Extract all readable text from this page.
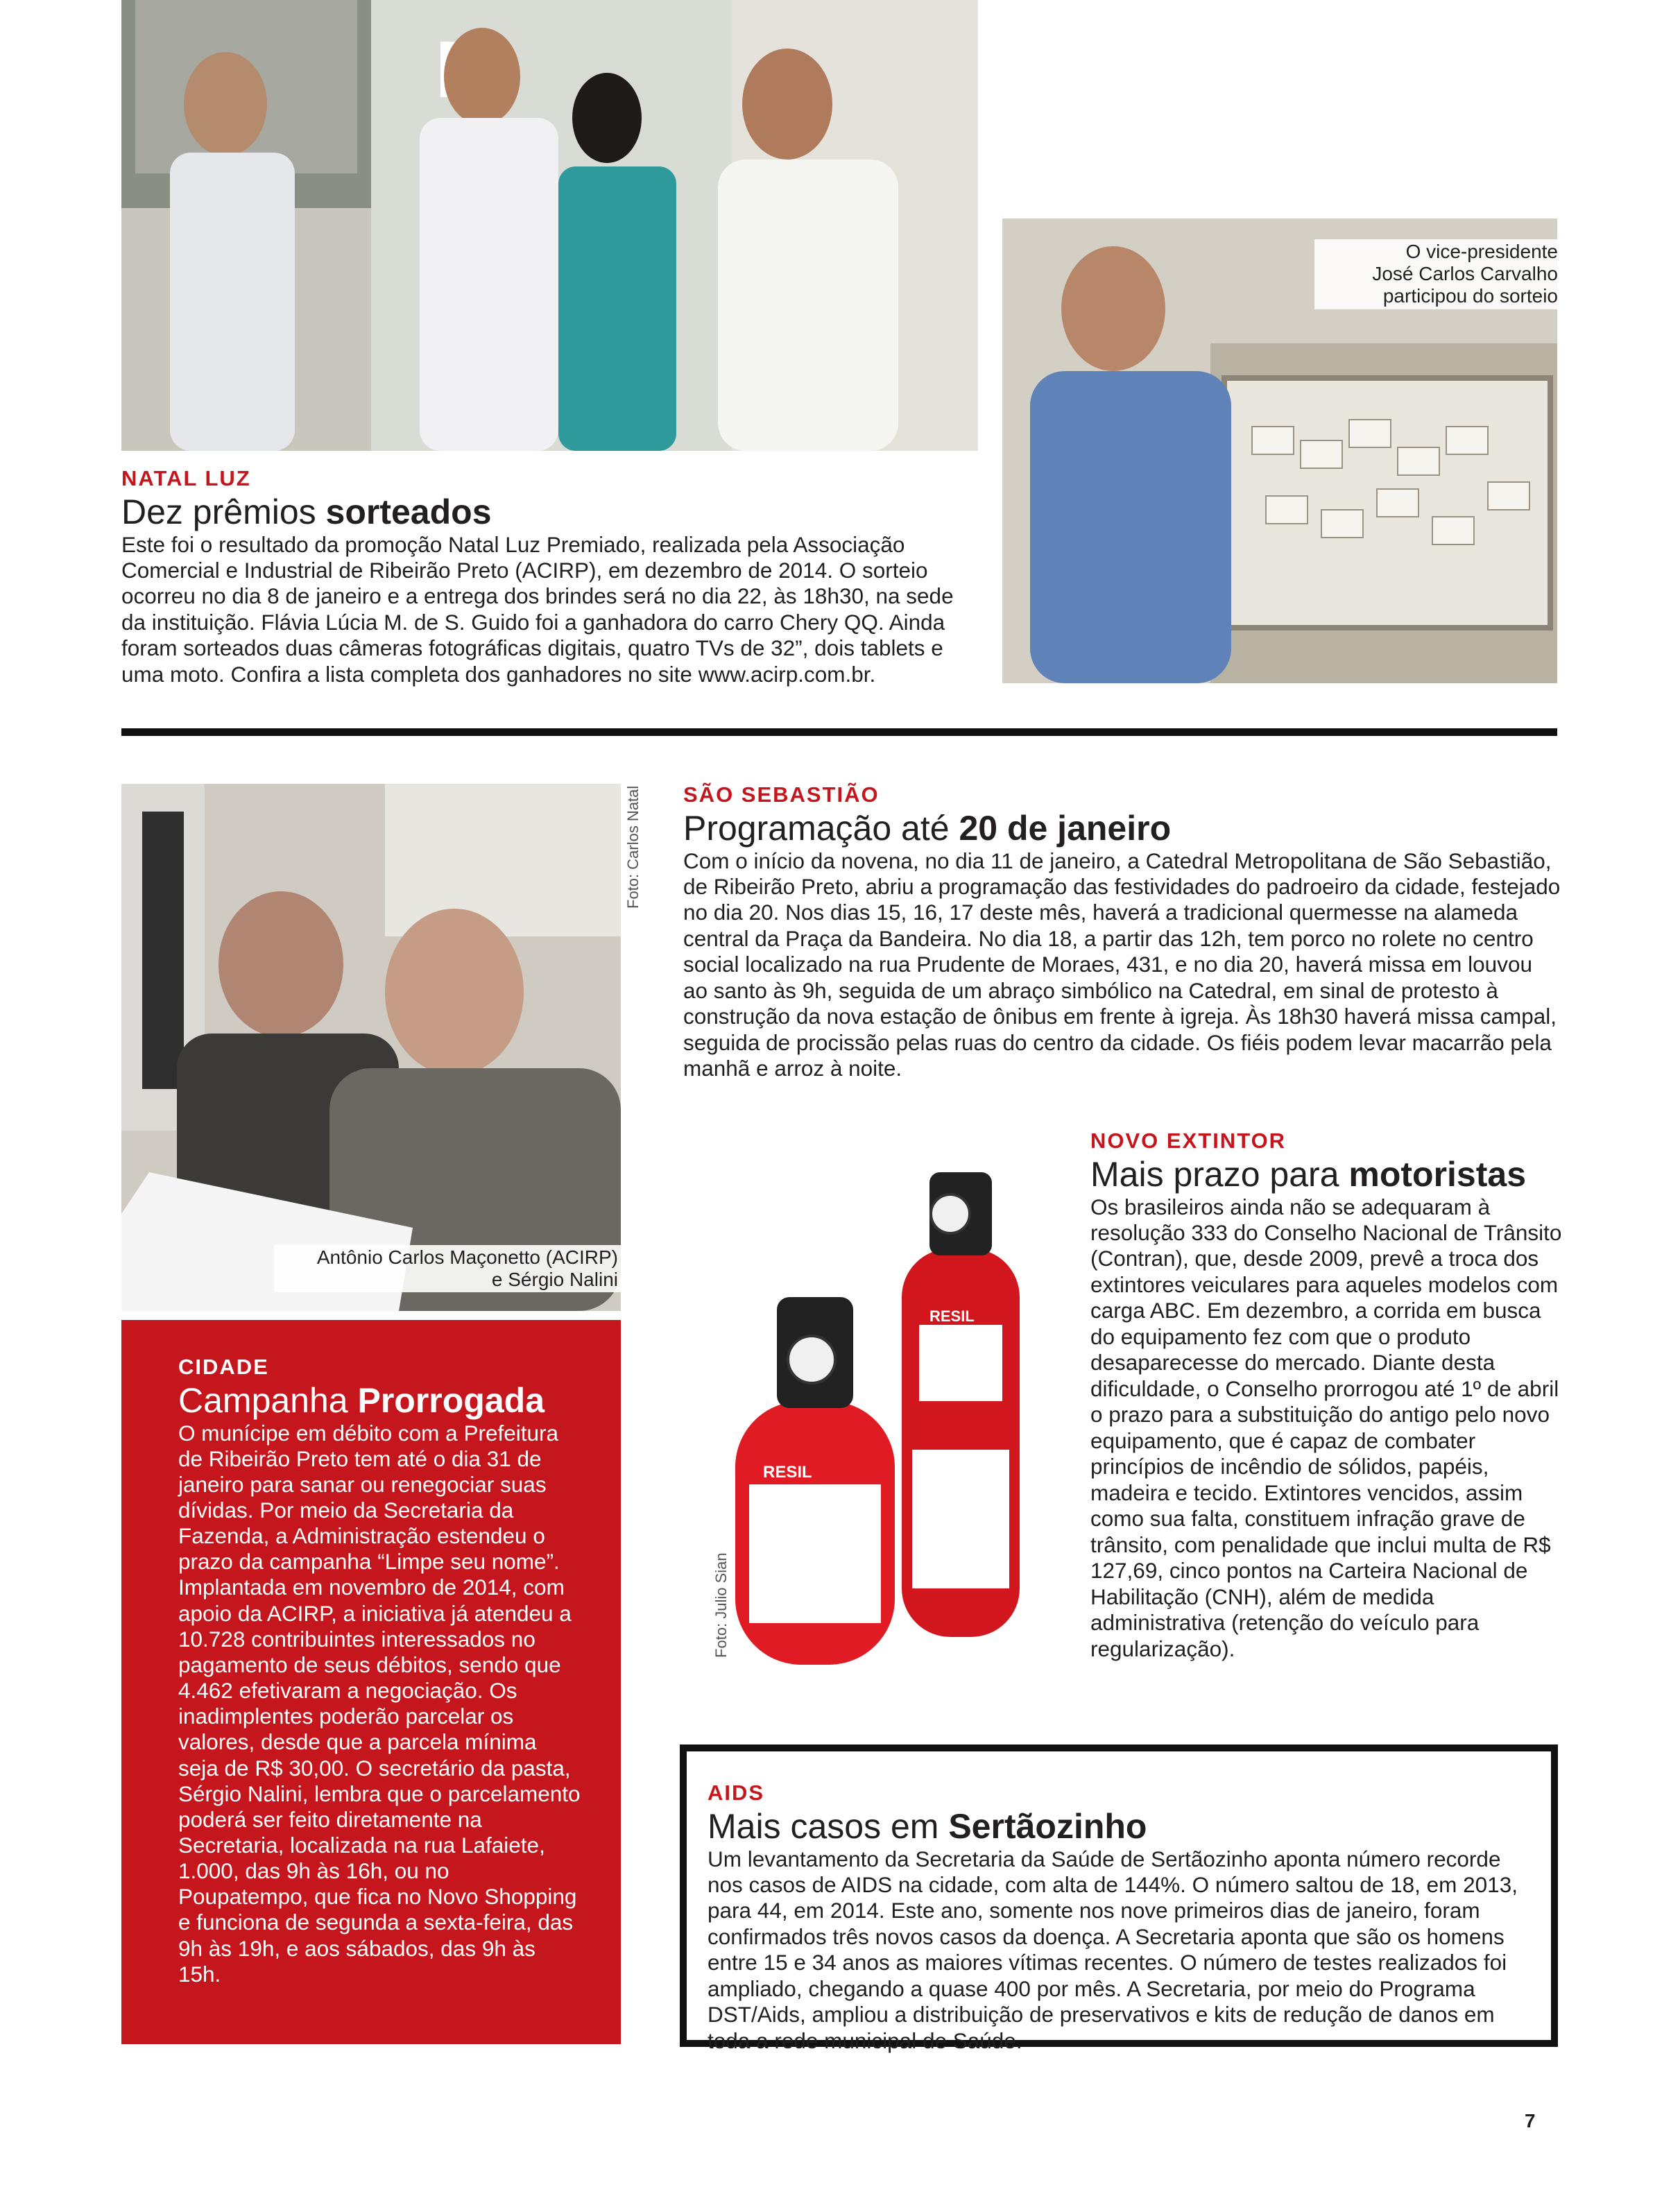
O vice-presidente
José Carlos Carvalho
participou do sorteio

NATAL LUZ

Dez prêmios sorteados

Este foi o resultado da promoção Natal Luz Premiado, realizada pela Associação Comercial e Industrial de Ribeirão Preto (ACIRP), em dezembro de 2014. O sorteio ocorreu no dia 8 de janeiro e a entrega dos brindes será no dia 22, às 18h30, na sede da instituição. Flávia Lúcia M. de S. Guido foi a ganhadora do carro Chery QQ. Ainda foram sorteados duas câmeras fotográficas digitais, quatro TVs de 32”, dois tablets e uma moto. Confira a lista completa dos ganhadores no site www.acirp.com.br.

Foto: Carlos Natal
Antônio Carlos Maçonetto (ACIRP)
e Sérgio Nalini

SÃO SEBASTIÃO

Programação até 20 de janeiro

Com o início da novena, no dia 11 de janeiro, a Catedral Metropolitana de São Sebastião, de Ribeirão Preto, abriu a programação das festividades do padroeiro da cidade, festejado no dia 20. Nos dias 15, 16, 17 deste mês, haverá a tradicional quermesse na alameda central da Praça da Bandeira. No dia 18, a partir das 12h, tem porco no rolete no centro social localizado na rua Prudente de Moraes, 431, e no dia 20, haverá missa em louvou ao santo às 9h, seguida de um abraço simbólico na Catedral, em sinal de protesto à construção da nova estação de ônibus em frente à igreja. Às 18h30 haverá missa campal, seguida de procissão pelas ruas do centro da cidade. Os fiéis podem levar macarrão pela manhã e arroz à noite.

CIDADE

Campanha Prorrogada

O munícipe em débito com a Prefeitura de Ribeirão Preto tem até o dia 31 de janeiro para sanar ou renegociar suas dívidas. Por meio da Secretaria da Fazenda, a Administração estendeu o prazo da campanha “Limpe seu nome”. Implantada em novembro de 2014, com apoio da ACIRP, a iniciativa já atendeu a 10.728 contribuintes interessados no pagamento de seus débitos, sendo que 4.462 efetivaram a negociação. Os inadimplentes poderão parcelar os valores, desde que a parcela mínima seja de R$ 30,00. O secretário da pasta, Sérgio Nalini, lembra que o parcelamento poderá ser feito diretamente na Secretaria, localizada na rua Lafaiete, 1.000, das 9h às 16h, ou no Poupatempo, que fica no Novo Shopping e funciona de segunda a sexta-feira, das 9h às 19h, e aos sábados, das 9h às 15h.

RESIL
RESIL
Foto: Julio Sian

NOVO EXTINTOR

Mais prazo para motoristas

Os brasileiros ainda não se adequaram à resolução 333 do Conselho Nacional de Trânsito (Contran), que, desde 2009, prevê a troca dos extintores veiculares para aqueles modelos com carga ABC. Em dezembro, a corrida em busca do equipamento fez com que o produto desaparecesse do mercado. Diante desta dificuldade, o Conselho prorrogou até 1º de abril o prazo para a substituição do antigo pelo novo equipamento, que é capaz de combater princípios de incêndio de sólidos, papéis, madeira e tecido. Extintores vencidos, assim como sua falta, constituem infração grave de trânsito, com penalidade que inclui multa de R$ 127,69, cinco pontos na Carteira Nacional de Habilitação (CNH), além de medida administrativa (retenção do veículo para regularização).

AIDS

Mais casos em Sertãozinho

Um levantamento da Secretaria da Saúde de Sertãozinho aponta número recorde nos casos de AIDS na cidade, com alta de 144%. O número saltou de 18, em 2013, para 44, em 2014. Este ano, somente nos nove primeiros dias de janeiro, foram confirmados três novos casos da doença. A Secretaria aponta que são os homens entre 15 e 34 anos as maiores vítimas recentes. O número de testes realizados foi ampliado, chegando a quase 400 por mês. A Secretaria, por meio do Programa DST/Aids, ampliou a distribuição de preservativos e kits de redução de danos em toda a rede municipal de Saúde.

7
